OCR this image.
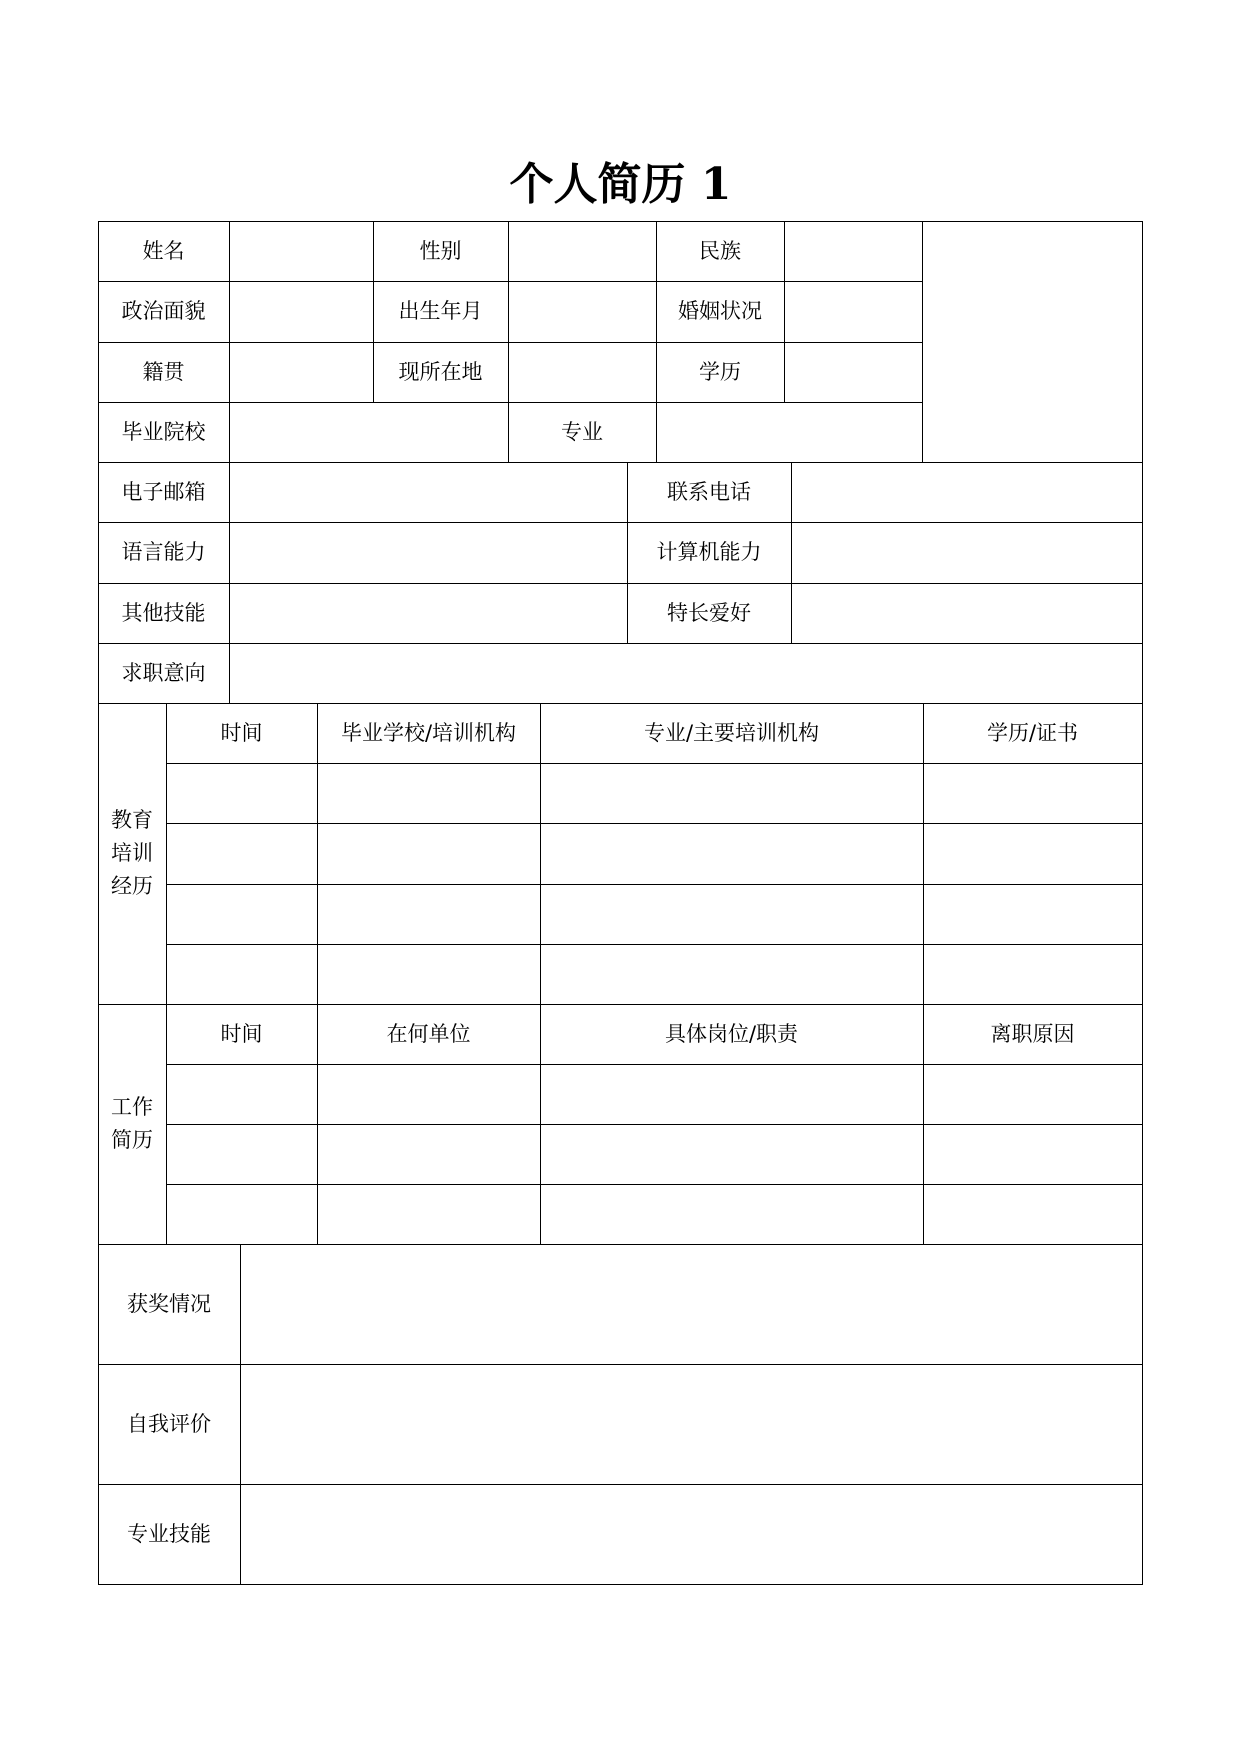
个人简历 1
姓名	性别	民族
政治面貌	出生年月	婚姻状况
籍贯	现所在地	学历
毕业院校	专业
电子邮箱	联系电话
语言能力	计算机能力
其他技能	特长爱好
求职意向
教育
培训
经历
时间	毕业学校/培训机构	专业/主要培训机构	学历/证书
工作
简历
时间	在何单位	具体岗位/职责	离职原因
获奖情况
自我评价
专业技能
